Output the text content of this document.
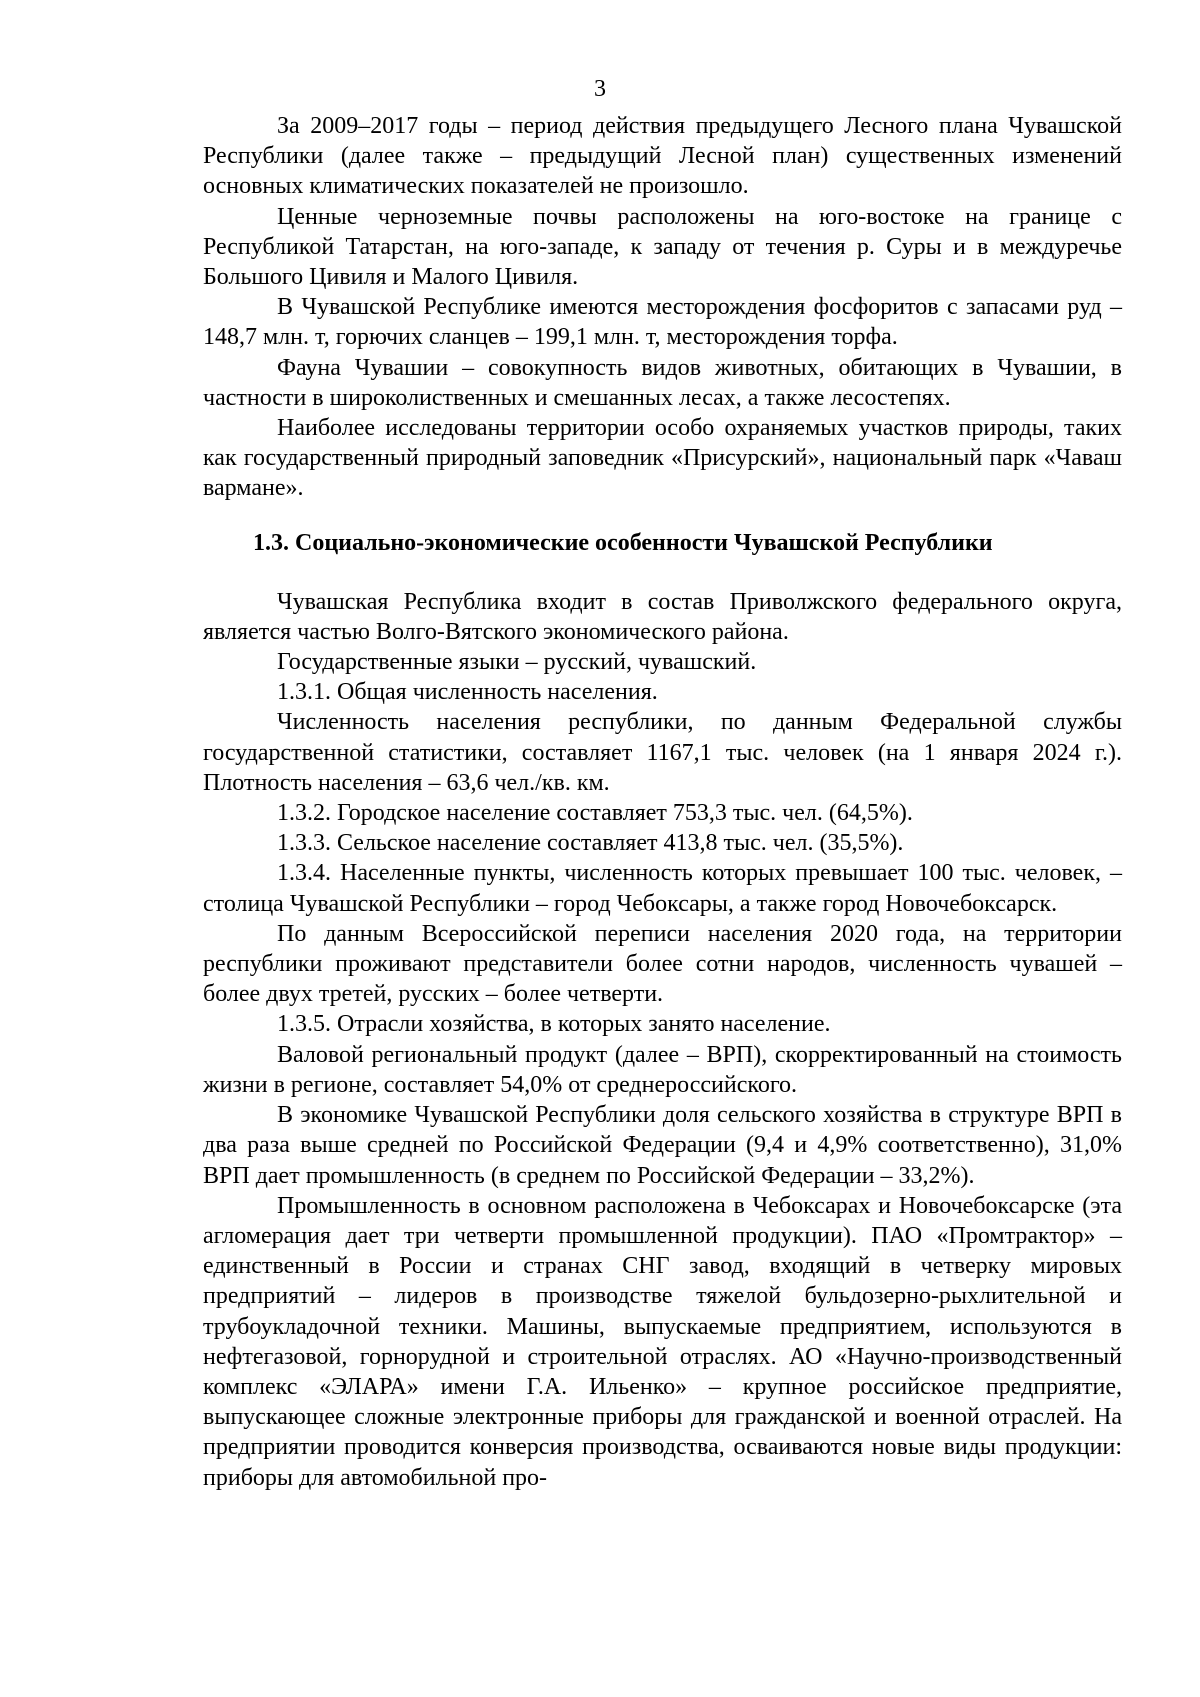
3

За 2009–2017 годы – период действия предыдущего Лесного плана Чувашской Республики (далее также – предыдущий Лесной план) существенных изменений основных климатических показателей не произошло.

Ценные черноземные почвы расположены на юго-востоке на границе с Республикой Татарстан, на юго-западе, к западу от течения р. Суры и в междуречье Большого Цивиля и Малого Цивиля.

В Чувашской Республике имеются месторождения фосфоритов с запасами руд – 148,7 млн. т, горючих сланцев – 199,1 млн. т, месторождения торфа.

Фауна Чувашии – совокупность видов животных, обитающих в Чувашии, в частности в широколиственных и смешанных лесах, а также лесостепях.

Наиболее исследованы территории особо охраняемых участков природы, таких как государственный природный заповедник «Присурский», национальный парк «Чаваш вармане».

1.3. Социально-экономические особенности Чувашской Республики

Чувашская Республика входит в состав Приволжского федерального округа, является частью Волго-Вятского экономического района.

Государственные языки – русский, чувашский.

1.3.1. Общая численность населения.

Численность населения республики, по данным Федеральной службы государственной статистики, составляет 1167,1 тыс. человек (на 1 января 2024 г.). Плотность населения – 63,6 чел./кв. км.

1.3.2. Городское население составляет 753,3 тыс. чел. (64,5%).

1.3.3. Сельское население составляет 413,8 тыс. чел. (35,5%).

1.3.4. Населенные пункты, численность которых превышает 100 тыс. человек, – столица Чувашской Республики – город Чебоксары, а также город Новочебоксарск.

По данным Всероссийской переписи населения 2020 года, на территории республики проживают представители более сотни народов, численность чувашей – более двух третей, русских – более четверти.

1.3.5. Отрасли хозяйства, в которых занято население.

Валовой региональный продукт (далее – ВРП), скорректированный на стоимость жизни в регионе, составляет 54,0% от среднероссийского.

В экономике Чувашской Республики доля сельского хозяйства в структуре ВРП в два раза выше средней по Российской Федерации (9,4 и 4,9% соответственно), 31,0% ВРП дает промышленность (в среднем по Российской Федерации – 33,2%).

Промышленность в основном расположена в Чебоксарах и Новочебоксарске (эта агломерация дает три четверти промышленной продукции). ПАО «Промтрактор» – единственный в России и странах СНГ завод, входящий в четверку мировых предприятий – лидеров в производстве тяжелой бульдозерно-рыхлительной и трубоукладочной техники. Машины, выпускаемые предприятием, используются в нефтегазовой, горнорудной и строительной отраслях. АО «Научно-производственный комплекс «ЭЛАРА» имени Г.А. Ильенко» – крупное российское предприятие, выпускающее сложные электронные приборы для гражданской и военной отраслей. На предприятии проводится конверсия производства, осваиваются новые виды продукции: приборы для автомобильной про-
